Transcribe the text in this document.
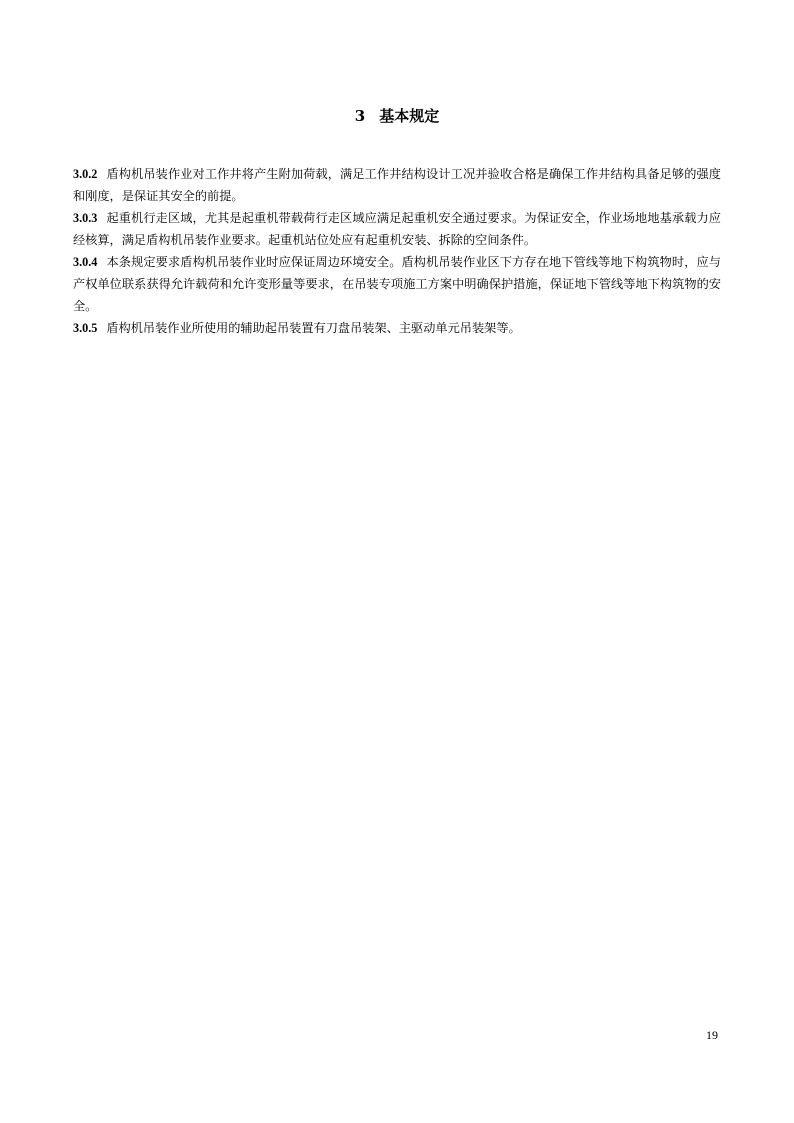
3 基本规定

3.0.2 盾构机吊装作业对工作井将产生附加荷载，满足工作井结构设计工况并验收合格是确保工作井结构具备足够的强度和刚度，是保证其安全的前提。

3.0.3 起重机行走区域，尤其是起重机带载荷行走区域应满足起重机安全通过要求。为保证安全，作业场地地基承载力应经核算，满足盾构机吊装作业要求。起重机站位处应有起重机安装、拆除的空间条件。

3.0.4 本条规定要求盾构机吊装作业时应保证周边环境安全。盾构机吊装作业区下方存在地下管线等地下构筑物时，应与产权单位联系获得允许载荷和允许变形量等要求，在吊装专项施工方案中明确保护措施，保证地下管线等地下构筑物的安全。

3.0.5 盾构机吊装作业所使用的辅助起吊装置有刀盘吊装架、主驱动单元吊装架等。

19
